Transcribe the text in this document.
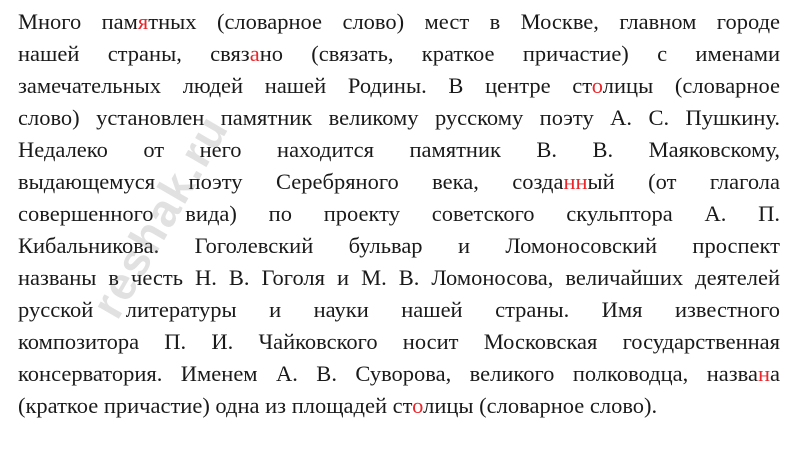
Много памятных (словарное слово) мест в Москве, главном городе
нашей страны, связано (связать, краткое причастие) с именами
замечательных людей нашей Родины. В центре столицы (словарное
слово) установлен памятник великому русскому поэту А. С. Пушкину.
Недалеко от него находится памятник В. В. Маяковскому,
выдающемуся поэту Серебряного века, созданный (от глагола
совершенного вида) по проекту советского скульптора А. П.
Кибальникова. Гоголевский бульвар и Ломоносовский проспект
названы в честь Н. В. Гоголя и М. В. Ломоносова, величайших деятелей
русской литературы и науки нашей страны. Имя известного
композитора П. И. Чайковского носит Московская государственная
консерватория. Именем А. В. Суворова, великого полководца, названа
(краткое причастие) одна из площадей столицы (словарное слово).
reshak.ru
